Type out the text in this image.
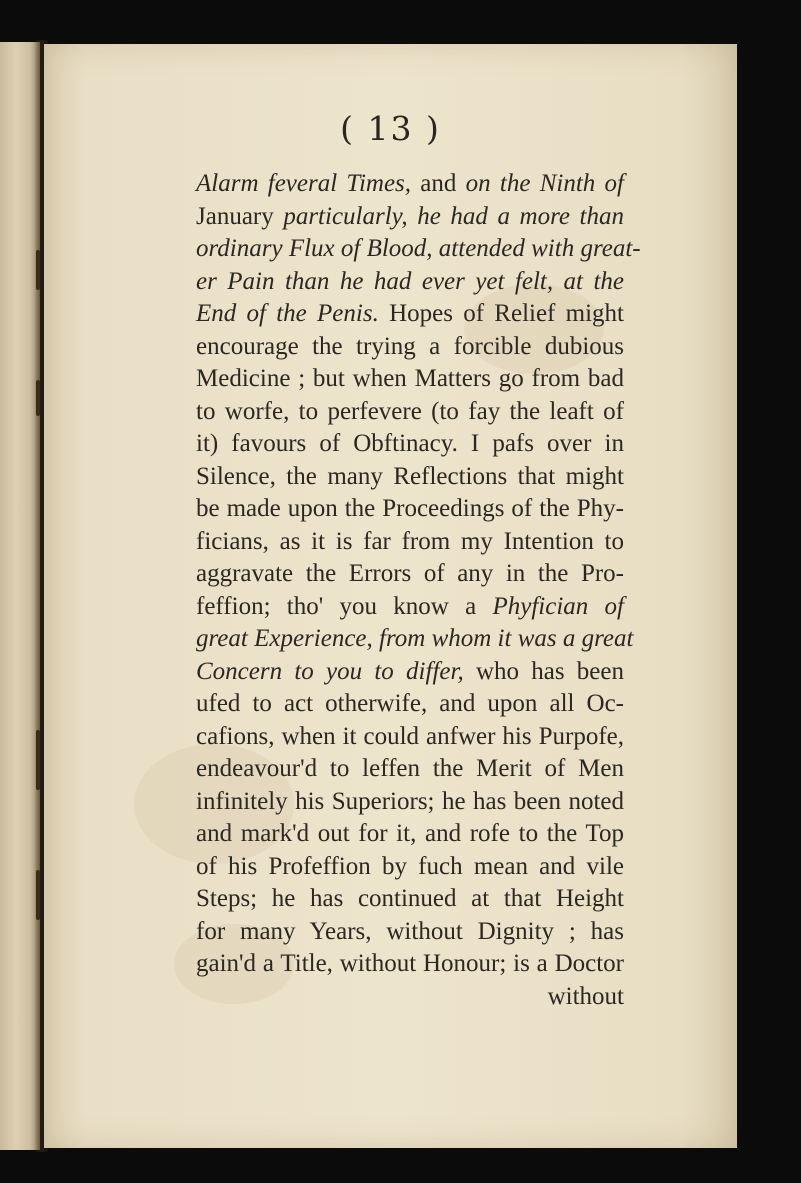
( 13 )
Alarm feveral Times, and on the Ninth of
January particularly, he had a more than
ordinary Flux of Blood, attended with great-
er Pain than he had ever yet felt, at the
End of the Penis. Hopes of Relief might
encourage the trying a forcible dubious
Medicine ; but when Matters go from bad
to worfe, to perfevere (to fay the leaft of
it) favours of Obftinacy. I pafs over in
Silence, the many Reflections that might
be made upon the Proceedings of the Phy-
ficians, as it is far from my Intention to
aggravate the Errors of any in the Pro-
feffion; tho' you know a Phyfician of
great Experience, from whom it was a great
Concern to you to differ, who has been
ufed to act otherwife, and upon all Oc-
cafions, when it could anfwer his Purpofe,
endeavour'd to leffen the Merit of Men
infinitely his Superiors; he has been noted
and mark'd out for it, and rofe to the Top
of his Profeffion by fuch mean and vile
Steps; he has continued at that Height
for many Years, without Dignity ; has
gain'd a Title, without Honour; is a Doctor
without
